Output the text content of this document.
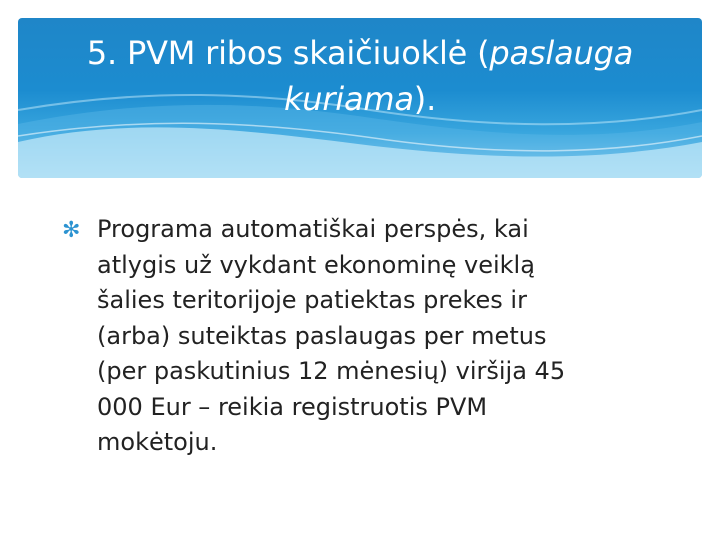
5. PVM ribos skaičiuoklė (paslauga kuriama).
✻ Programa automatiškai perspės, kai
atlygis už vykdant ekonominę veiklą
šalies teritorijoje patiektas prekes ir
(arba) suteiktas paslaugas per metus
(per paskutinius 12 mėnesių) viršija 45
000 Eur – reikia registruotis PVM
mokėtoju.
